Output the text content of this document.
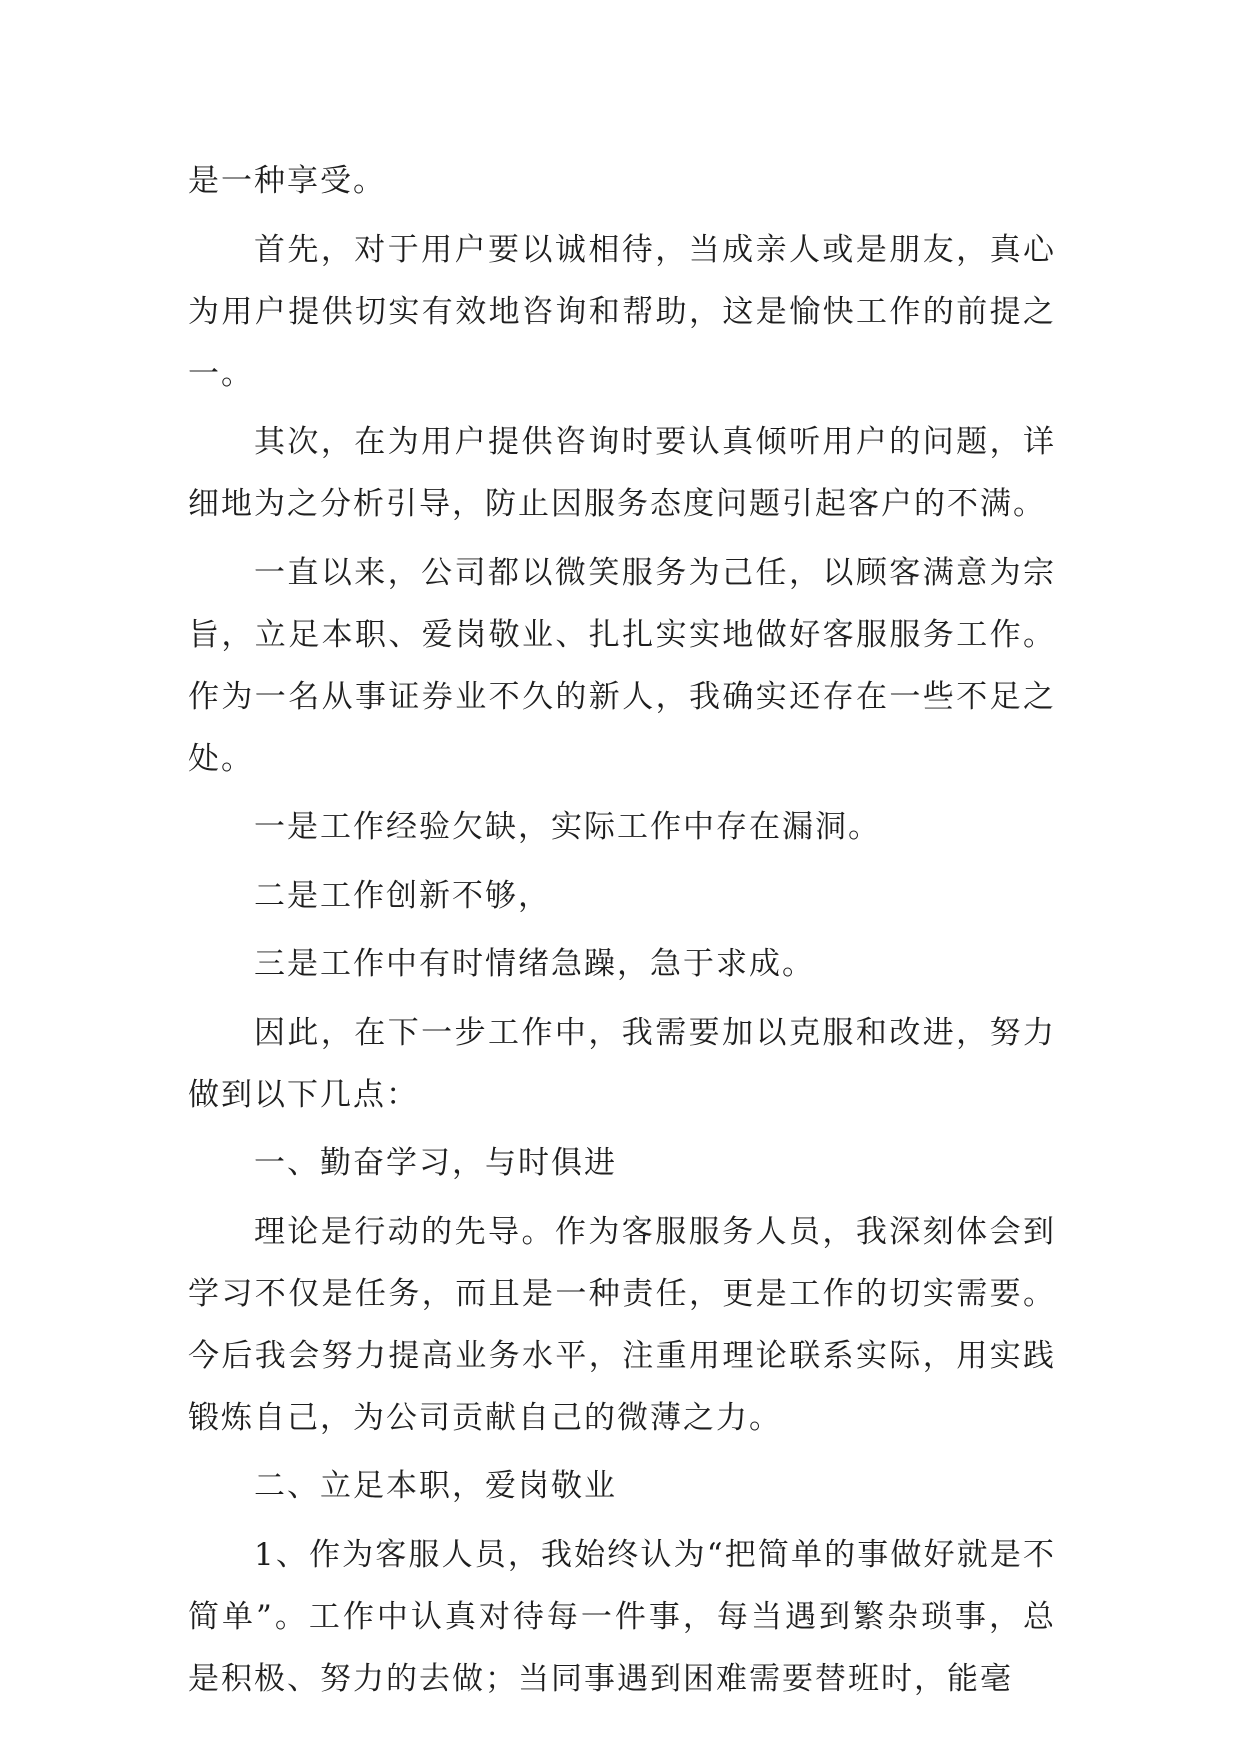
是一种享受。

首先，对于用户要以诚相待，当成亲人或是朋友，真心为用户提供切实有效地咨询和帮助，这是愉快工作的前提之一。

其次，在为用户提供咨询时要认真倾听用户的问题，详细地为之分析引导，防止因服务态度问题引起客户的不满。

一直以来，公司都以微笑服务为己任，以顾客满意为宗旨，立足本职、爱岗敬业、扎扎实实地做好客服服务工作。作为一名从事证券业不久的新人，我确实还存在一些不足之处。

一是工作经验欠缺，实际工作中存在漏洞。

二是工作创新不够，

三是工作中有时情绪急躁，急于求成。

因此，在下一步工作中，我需要加以克服和改进，努力做到以下几点：

一、勤奋学习，与时俱进

理论是行动的先导。作为客服服务人员，我深刻体会到学习不仅是任务，而且是一种责任，更是工作的切实需要。今后我会努力提高业务水平，注重用理论联系实际，用实践锻炼自己，为公司贡献自己的微薄之力。

二、立足本职，爱岗敬业

1、作为客服人员，我始终认为“把简单的事做好就是不简单”。工作中认真对待每一件事，每当遇到繁杂琐事，总是积极、努力的去做；当同事遇到困难需要替班时，能毫
